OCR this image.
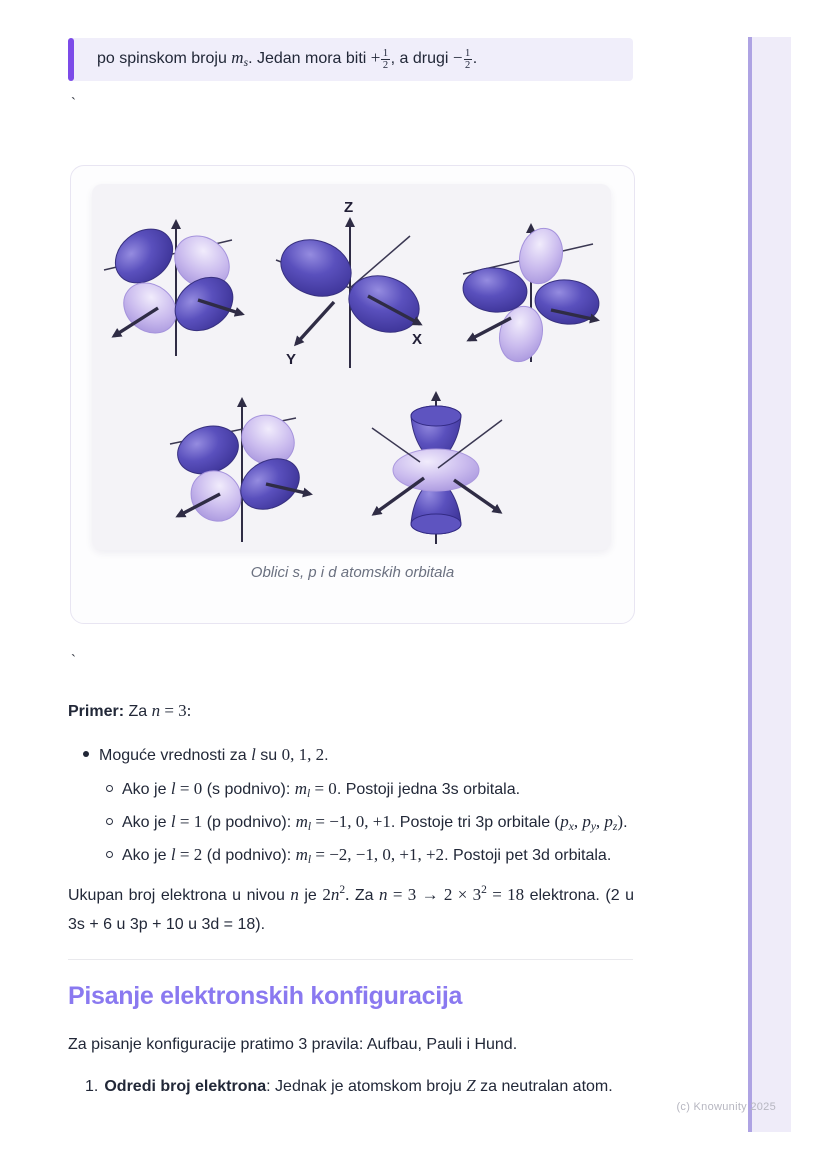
po spinskom broju $m_s$. Jedan mora biti + $\frac{1}{2}$ , a drugi − $\frac{1}{2}$ .

`
Z
Y
X
Oblici s, p i d atomskih orbitala
`

Primer: Za n = 3:

Moguće vrednosti za l su 0, 1, 2.

Ako je l = 0 (s podnivo): $m_l = 0$. Postoji jedna 3s orbitala.

Ako je l = 1 (p podnivo): $m_l = -1$, 0, +1. Postoje tri 3p orbitale ($p_x$, $p_y$, $p_z$).

Ako je l = 2 (d podnivo): $m_l = -2$, −1, 0, +1, +2. Postoji pet 3d orbitala.

Ukupan broj elektrona u nivou n je $2n^2$. Za $n = 3 \to 2 \times 3^2 = 18$ elektrona. (2 u 3s + 6 u 3p + 10 u 3d = 18).

Pisanje elektronskih konfiguracija

Za pisanje konfiguracije pratimo 3 pravila: Aufbau, Pauli i Hund.

1. Odredi broj elektrona: Jednak je atomskom broju Z za neutralan atom.

(c) Knowunity 2025
